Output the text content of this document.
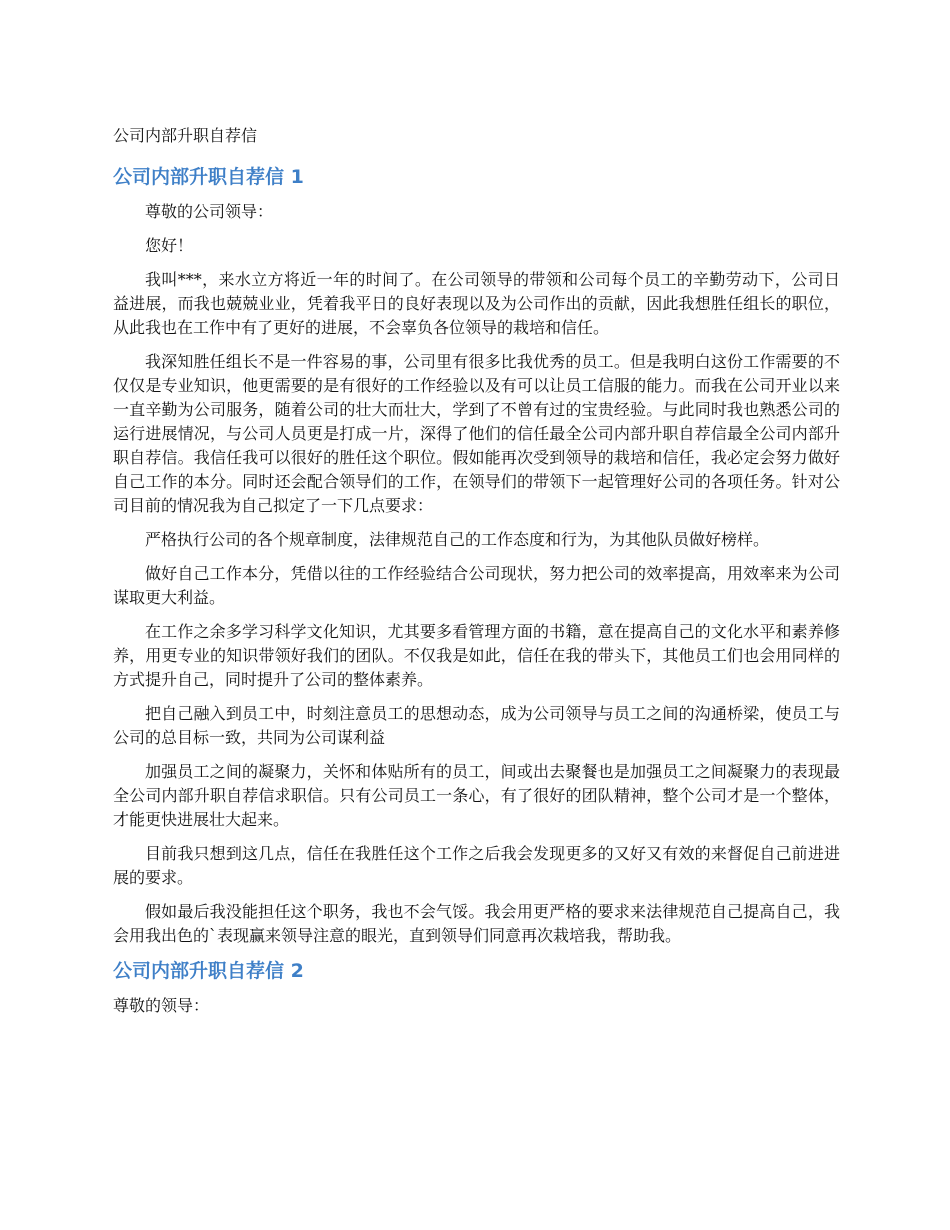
公司内部升职自荐信
公司内部升职自荐信 1

尊敬的公司领导：

您好！

我叫***，来水立方将近一年的时间了。在公司领导的带领和公司每个员工的辛勤劳动下，公司日益进展，而我也兢兢业业，凭着我平日的良好表现以及为公司作出的贡献，因此我想胜任组长的职位，从此我也在工作中有了更好的进展，不会辜负各位领导的栽培和信任。

我深知胜任组长不是一件容易的事，公司里有很多比我优秀的员工。但是我明白这份工作需要的不仅仅是专业知识，他更需要的是有很好的工作经验以及有可以让员工信服的能力。而我在公司开业以来一直辛勤为公司服务，随着公司的壮大而壮大，学到了不曾有过的宝贵经验。与此同时我也熟悉公司的运行进展情况，与公司人员更是打成一片，深得了他们的信任最全公司内部升职自荐信最全公司内部升职自荐信。我信任我可以很好的胜任这个职位。假如能再次受到领导的栽培和信任，我必定会努力做好自己工作的本分。同时还会配合领导们的工作，在领导们的带领下一起管理好公司的各项任务。针对公司目前的情况我为自己拟定了一下几点要求：

严格执行公司的各个规章制度，法律规范自己的工作态度和行为，为其他队员做好榜样。

做好自己工作本分，凭借以往的工作经验结合公司现状，努力把公司的效率提高，用效率来为公司谋取更大利益。

在工作之余多学习科学文化知识，尤其要多看管理方面的书籍，意在提高自己的文化水平和素养修养，用更专业的知识带领好我们的团队。不仅我是如此，信任在我的带头下，其他员工们也会用同样的方式提升自己，同时提升了公司的整体素养。

把自己融入到员工中，时刻注意员工的思想动态，成为公司领导与员工之间的沟通桥梁，使员工与公司的总目标一致，共同为公司谋利益

加强员工之间的凝聚力，关怀和体贴所有的员工，间或出去聚餐也是加强员工之间凝聚力的表现最全公司内部升职自荐信求职信。只有公司员工一条心，有了很好的团队精神，整个公司才是一个整体，才能更快进展壮大起来。

目前我只想到这几点，信任在我胜任这个工作之后我会发现更多的又好又有效的来督促自己前进进展的要求。

假如最后我没能担任这个职务，我也不会气馁。我会用更严格的要求来法律规范自己提高自己，我会用我出色的`表现赢来领导注意的眼光，直到领导们同意再次栽培我，帮助我。

公司内部升职自荐信 2

尊敬的领导：
